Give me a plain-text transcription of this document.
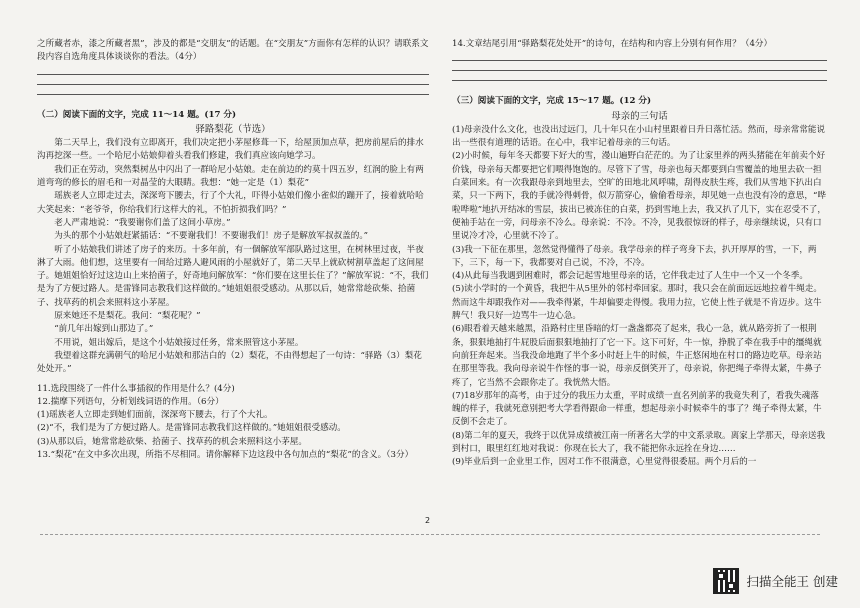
之所藏者赤，漆之所藏者黑”，涉及的都是“交朋友”的话题。在“交朋友”方面你有怎样的认识？请联系文段内容自选角度具体谈谈你的看法。（4分）

（二）阅读下面的文字，完成 11～14 题。(17 分)

驿路梨花（节选）

第二天早上，我们没有立即离开，我们决定把小茅屋修葺一下，给屋顶加点草，把房前屋后的排水沟再挖深一些。一个哈尼小姑娘仰着头看我们修建，我们真应该向她学习。

我们正在劳动，突然梨树丛中闪出了一群哈尼小姑娘。走在前边的约莫十四五岁，红润的脸上有两道弯弯的修长的眉毛和一对晶莹的大眼睛。我想：“她一定是（1）梨花”

瑶族老人立即走过去，深深弯下腰去，行了个大礼，吓得小姑娘们像小雀似的蹦开了，接着就哈哈大笑起来：“老爷爷，你给我们行这样大的礼，不怕折损我们吗？”

老人严肃地说：“我要谢你们盖了这间小草房。”

为头的那个小姑娘赶紧插话：“不要谢我们！不要谢我们！房子是解放军叔叔盖的。”

听了小姑娘我们讲述了房子的来历。十多年前，有一個解放军部队路过这里，在树林里过夜，半夜淋了大雨。他们想，这里要有一间给过路人避风雨的小屋就好了，第二天早上就砍树割草盖起了这间屋子。她姐姐恰好过这边山上来拾菌子，好奇地问解放军：“你们要在这里长住了？”解放军说：“不，我们是为了方便过路人。是雷锋同志教我们这样做的。”她姐姐很受感动。从那以后，她常常趁砍柴、拾菌子、找草药的机会来照料这小茅屋。

原来她还不是梨花。我问：“梨花呢？”

“前几年出嫁到山那边了。”

不用说，姐出嫁后，是这个小姑娘接过任务，常来照管这小茅屋。

我望着这群充满朝气的哈尼小姑娘和那洁白的（2）梨花，不由得想起了一句诗：“驿路（3）梨花处处开。”

11.选段围绕了一件什么事插叙的作用是什么？(4分)

12.揣摩下列语句，分析划线词语的作用。（6分）

(1)瑶族老人立即走到她们面前，深深弯下腰去，行了个大礼。

(2)“不，我们是为了方便过路人。是雷锋同志教我们这样做的。”她姐姐很受感动。

(3)从那以后，她常常趁砍柴、拾菌子、找草药的机会来照料这小茅屋。

13.“梨花”在文中多次出现，所指不尽相同。请你解释下边这段中各句加点的“梨花”的含义。（3分）

14.文章结尾引用“驿路梨花处处开”的诗句，在结构和内容上分别有何作用？（4分）

（三）阅读下面的文字，完成 15～17 题。(12 分)

母亲的三句话

(1)母亲没什么文化，也没出过远门，几十年只在小山村里跟着日升日落忙活。然而，母亲常常能说出一些很有道理的话语。在心中，我牢记着母亲的三句话。

(2)小时候，每年冬天都要下好大的雪，漫山遍野白茫茫的。为了让家里养的两头猪能在年前卖个好价钱，母亲每天都要把它们喂得饱饱的。尽管下了雪，母亲也每天都要到白雪覆盖的地里去砍一担白菜回来。有一次我跟母亲到地里去，空旷的田地北风呼啸，刮得皮肤生疼，我们从雪地下扒出白菜，只一下两下，我的手就冷得刺骨，似万箭穿心，偷偷看母亲，却见她一点也没有冷的意思，“哗啦哗啦”地扒开结冰的雪层，拔出已被冻住的白菜，扔到雪地上去，我又扒了几下，实在忍受不了，便袖手站在一旁，问母亲不冷么。母亲说：不冷。不冷，见我很惊讶的样子，母亲继续说，只有口里说冷才冷，心里就不冷了。

(3)我一下征在那里，忽然觉得懂得了母亲。我学母亲的样子弯身下去，扒开厚厚的雪，一下，两下，三下，每一下，我都要对自己说，不冷，不冷。

(4)从此每当我遇到困难时，都会记起雪地里母亲的话，它伴我走过了人生中一个又一个冬季。

(5)读小学时的一个黄昏，我把牛从5里外的邻村牵回家。那时，我只会在前面远远地拉着牛绳走。然而这牛却跟我作对——我牵得紧，牛却偏要走得慢。我用力拉，它使上性子就是不肯迈步。这牛脾气！我只好一边骂牛一边心急。

(6)眼看着天越来越黑，沿路村庄里昏暗的灯一盏盏都亮了起来，我心一急，就从路旁折了一根荆条，狠狠地抽打牛屁股后面狠狠地抽打了它一下。这下可好，牛一惊，挣脱了牵在我手中的缰绳就向前狂奔起来。当我没命地跑了半个多小时赶上牛的时候，牛正悠闲地在村口的路边吃草。母亲站在那里等我。我向母亲说牛作怪的事一说，母亲反倒笑开了，母亲说，你把绳子牵得太紧，牛鼻子疼了，它当然不会跟你走了。我恍然大悟。

(7)18岁那年的高考，由于过分的我压力太重，平时成绩一直名列前茅的我竟失利了，看我失魂落魄的样子，我就死意别把考大学看得跟命一样重，想起母亲小时候牵牛的事了？绳子牵得太紧，牛反倒不会走了。

(8)第二年的夏天，我终于以优异成绩被江南一所著名大学的中文系录取。离家上学那天，母亲送我到村口，眼里红红地对我说：你现在长大了，我不能把你永远拴在身边……

(9)毕业后到一企业里工作，因对工作不很满意，心里觉得很委屈。两个月后的一

2
扫描全能王 创建
